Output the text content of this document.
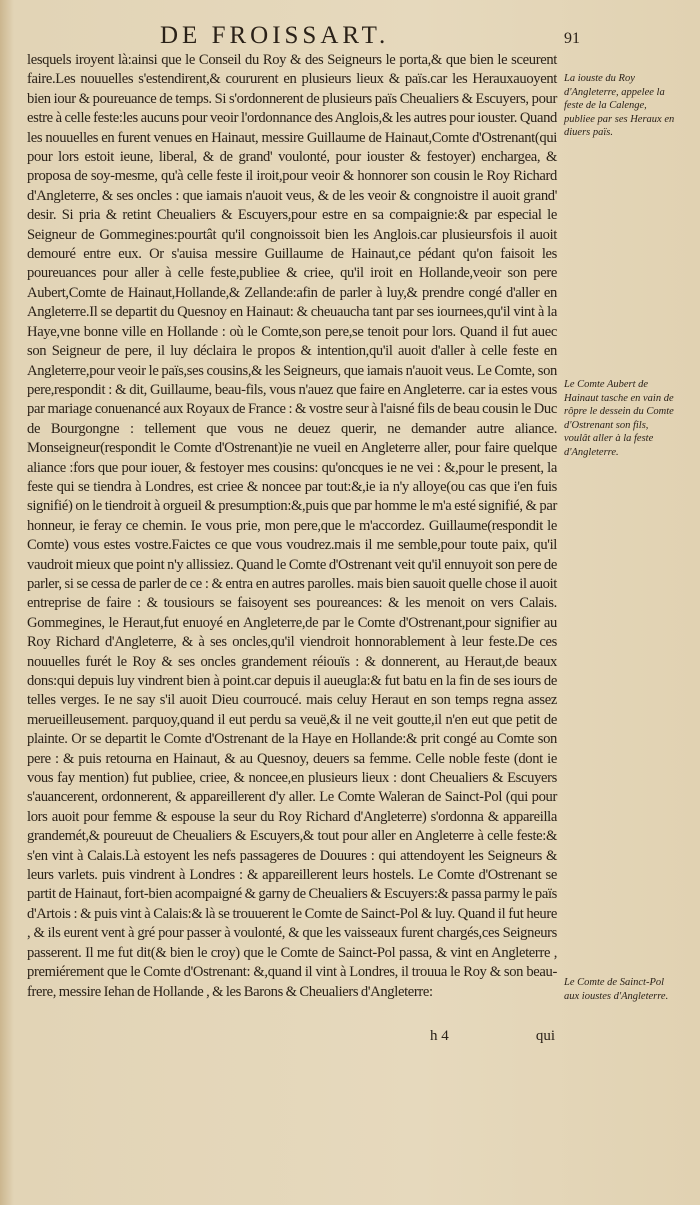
DE FROISSART.	91

lesquels iroyent là:ainsi que le Conseil du Roy & des Seigneurs le porta,& que bien le sceurent faire.Les nouuelles s'estendirent,& coururent en plusieurs lieux & païs.car les Herauxauoyent bien iour & poureuance de temps. Si s'ordonnerent de plusieurs païs Cheualiers & Escuyers, pour estre à celle feste:les aucuns pour veoir l'ordonnance des Anglois,& les autres pour iouster. Quand les nouuelles en furent venues en Hainaut, messire Guillaume de Hainaut,Comte d'Ostrenant(qui pour lors estoit ieune, liberal, & de grand' voulonté, pour iouster & festoyer) enchargea, & proposa de soy-mesme, qu'à celle feste il iroit,pour veoir & honnorer son cousin le Roy Richard d'Angleterre, & ses oncles : que iamais n'auoit veus, & de les veoir & congnoistre il auoit grand' desir. Si pria & retint Cheualiers & Escuyers,pour estre en sa compaignie:& par especial le Seigneur de Gommegines:pourtât qu'il congnoissoit bien les Anglois.car plusieursfois il auoit demouré entre eux. Or s'auisa messire Guillaume de Hainaut,ce pédant qu'on faisoit les poureuances pour aller à celle feste,publiee & criee, qu'il iroit en Hollande,veoir son pere Aubert,Comte de Hainaut,Hollande,& Zellande:afin de parler à luy,& prendre congé d'aller en Angleterre.Il se departit du Quesnoy en Hainaut: & cheuaucha tant par ses iournees,qu'il vint à la Haye,vne bonne ville en Hollande : où le Comte,son pere,se tenoit pour lors. Quand il fut auec son Seigneur de pere, il luy déclaira le propos & intention,qu'il auoit d'aller à celle feste en Angleterre,pour veoir le païs,ses cousins,& les Seigneurs, que iamais n'auoit veus. Le Comte, son pere,respondit : & dit, Guillaume, beau-fils, vous n'auez que faire en Angleterre. car ia estes vous par mariage conuenancé aux Royaux de France : & vostre seur à l'aisné fils de beau cousin le Duc de Bourgongne : tellement que vous ne deuez querir, ne demander autre aliance. Monseigneur(respondit le Comte d'Ostrenant)ie ne vueil en Angleterre aller, pour faire quelque aliance :fors que pour iouer, & festoyer mes cousins: qu'oncques ie ne vei : &,pour le present, la feste qui se tiendra à Londres, est criee & noncee par tout:&,ie ia n'y alloye(ou cas que i'en fuis signifié) on le tiendroit à orgueil & presumption:&,puis que par homme le m'a esté signifié, & par honneur, ie feray ce chemin. Ie vous prie, mon pere,que le m'accordez. Guillaume(respondit le Comte) vous estes vostre.Faictes ce que vous voudrez.mais il me semble,pour toute paix, qu'il vaudroit mieux que point n'y allissiez. Quand le Comte d'Ostrenant veit qu'il ennuyoit son pere de parler, si se cessa de parler de ce : & entra en autres parolles. mais bien sauoit quelle chose il auoit entreprise de faire : & tousiours se faisoyent ses poureances: & les menoit on vers Calais. Gommegines, le Heraut,fut enuoyé en Angleterre,de par le Comte d'Ostrenant,pour signifier au Roy Richard d'Angleterre, & à ses oncles,qu'il viendroit honnorablement à leur feste.De ces nouuelles furét le Roy & ses oncles grandement réiouïs : & donnerent, au Heraut,de beaux dons:qui depuis luy vindrent bien à point.car depuis il aueugla:& fut batu en la fin de ses iours de telles verges. Ie ne say s'il auoit Dieu courroucé. mais celuy Heraut en son temps regna assez merueilleusement. parquoy,quand il eut perdu sa veuë,& il ne veit goutte,il n'en eut que petit de plainte. Or se departit le Comte d'Ostrenant de la Haye en Hollande:& prit congé au Comte son pere : & puis retourna en Hainaut, & au Quesnoy, deuers sa femme. Celle noble feste (dont ie vous fay mention) fut publiee, criee, & noncee,en plusieurs lieux : dont Cheualiers & Escuyers s'auancerent, ordonnerent, & appareillerent d'y aller. Le Comte Waleran de Sainct-Pol (qui pour lors auoit pour femme & espouse la seur du Roy Richard d'Angleterre) s'ordonna & appareilla grandemét,& poureuut de Cheualiers & Escuyers,& tout pour aller en Angleterre à celle feste:& s'en vint à Calais.Là estoyent les nefs passageres de Douures : qui attendoyent les Seigneurs & leurs varlets. puis vindrent à Londres : & appareillerent leurs hostels. Le Comte d'Ostrenant se partit de Hainaut, fort-bien acompaigné & garny de Cheualiers & Escuyers:& passa parmy le païs d'Artois : & puis vint à Calais:& là se trouuerent le Comte de Sainct-Pol & luy. Quand il fut heure , & ils eurent vent à gré pour passer à voulonté, & que les vaisseaux furent chargés,ces Seigneurs passerent. Il me fut dit(& bien le croy) que le Comte de Sainct-Pol passa, & vint en Angleterre , premiérement que le Comte d'Ostrenant: &,quand il vint à Londres, il trouua le Roy & son beau-frere, messire Iehan de Hollande , & les Barons & Cheualiers d'Angleterre:

La iouste du Roy d'Angleterre, appelee la feste de la Calenge, publiee par ses Heraux en diuers païs.
Le Comte Aubert de Hainaut tasche en vain de rôpre le dessein du Comte d'Ostrenant son fils, voulât aller à la feste d'Angleterre.
Le Comte de Sainct-Pol aux ioustes d'Angleterre.
h 4	qui
